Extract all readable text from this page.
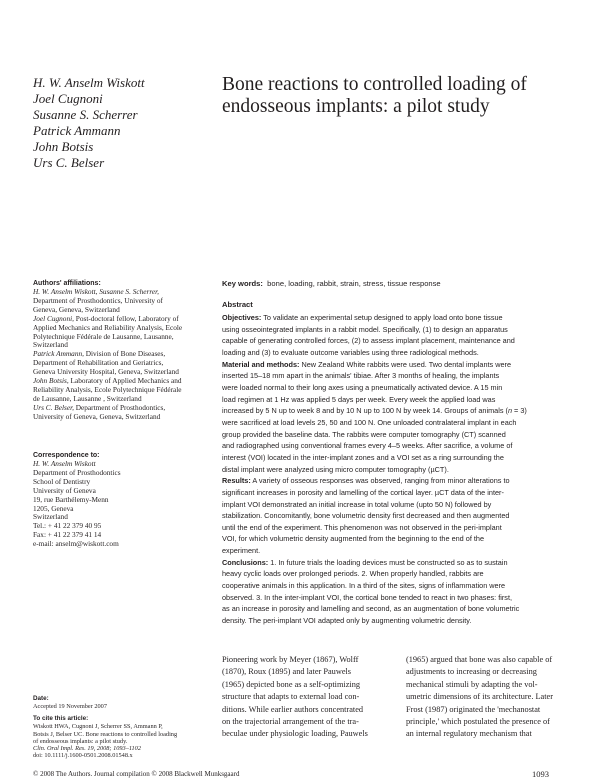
H. W. Anselm Wiskott
Joel Cugnoni
Susanne S. Scherrer
Patrick Ammann
John Botsis
Urs C. Belser
Bone reactions to controlled loading of
endosseous implants: a pilot study
Authors' affiliations:
H. W. Anselm Wiskott, Susanne S. Scherrer,
Department of Prosthodontics, University of
Geneva, Geneva, Switzerland
Joel Cugnoni, Post-doctoral fellow, Laboratory of
Applied Mechanics and Reliability Analysis, Ecole
Polytechnique Fédérale de Lausanne, Lausanne,
Switzerland
Patrick Ammann, Division of Bone Diseases,
Department of Rehabilitation and Geriatrics,
Geneva University Hospital, Geneva, Switzerland
John Botsis, Laboratory of Applied Mechanics and
Reliability Analysis, Ecole Polytechnique Fédérale
de Lausanne, Lausanne , Switzerland
Urs C. Belser, Department of Prosthodontics,
University of Geneva, Geneva, Switzerland
Correspondence to:
H. W. Anselm Wiskott
Department of Prosthodontics
School of Dentistry
University of Geneva
19, rue Barthélemy-Menn
1205, Geneva
Switzerland
Tel.: + 41 22 379 40 95
Fax: + 41 22 379 41 14
e-mail: anselm@wiskott.com
Date:
Accepted 19 November 2007
To cite this article:
Wiskott HWA, Cugnoni J, Scherrer SS, Ammann P,
Botsis J, Belser UC. Bone reactions to controlled loading
of endosseous implants: a pilot study.
Clin. Oral Impl. Res. 19, 2008; 1093–1102
doi: 10.1111/j.1600-0501.2008.01548.x
Key words: bone, loading, rabbit, strain, stress, tissue response
Abstract
Objectives: To validate an experimental setup designed to apply load onto bone tissue
using osseointegrated implants in a rabbit model. Specifically, (1) to design an apparatus
capable of generating controlled forces, (2) to assess implant placement, maintenance and
loading and (3) to evaluate outcome variables using three radiological methods.
Material and methods: New Zealand White rabbits were used. Two dental implants were
inserted 15–18 mm apart in the animals' tibiae. After 3 months of healing, the implants
were loaded normal to their long axes using a pneumatically activated device. A 15 min
load regimen at 1 Hz was applied 5 days per week. Every week the applied load was
increased by 5 N up to week 8 and by 10 N up to 100 N by week 14. Groups of animals (n = 3)
were sacrificed at load levels 25, 50 and 100 N. One unloaded contralateral implant in each
group provided the baseline data. The rabbits were computer tomography (CT) scanned
and radiographed using conventional frames every 4–5 weeks. After sacrifice, a volume of
interest (VOI) located in the inter-implant zones and a VOI set as a ring surrounding the
distal implant were analyzed using micro computer tomography (µCT).
Results: A variety of osseous responses was observed, ranging from minor alterations to
significant increases in porosity and lamelling of the cortical layer. µCT data of the inter-
implant VOI demonstrated an initial increase in total volume (upto 50 N) followed by
stabilization. Concomitantly, bone volumetric density first decreased and then augmented
until the end of the experiment. This phenomenon was not observed in the peri-implant
VOI, for which volumetric density augmented from the beginning to the end of the
experiment.
Conclusions: 1. In future trials the loading devices must be constructed so as to sustain
heavy cyclic loads over prolonged periods. 2. When properly handled, rabbits are
cooperative animals in this application. In a third of the sites, signs of inflammation were
observed. 3. In the inter-implant VOI, the cortical bone tended to react in two phases: first,
as an increase in porosity and lamelling and second, as an augmentation of bone volumetric
density. The peri-implant VOI adapted only by augmenting volumetric density.
Pioneering work by Meyer (1867), Wolff
(1870), Roux (1895) and later Pauwels
(1965) depicted bone as a self-optimizing
structure that adapts to external load con-
ditions. While earlier authors concentrated
on the trajectorial arrangement of the tra-
beculae under physiologic loading, Pauwels
(1965) argued that bone was also capable of
adjustments to increasing or decreasing
mechanical stimuli by adapting the vol-
umetric dimensions of its architecture. Later
Frost (1987) originated the 'mechanostat
principle,' which postulated the presence of
an internal regulatory mechanism that
© 2008 The Authors. Journal compilation © 2008 Blackwell Munksgaard	1093
